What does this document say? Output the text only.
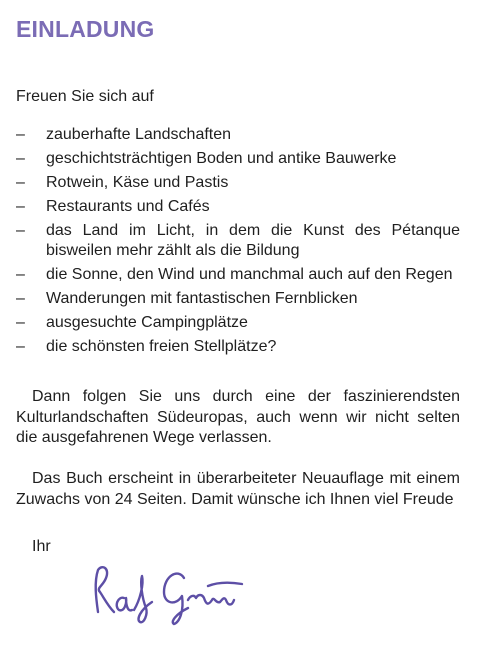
EINLADUNG

Freuen Sie sich auf

– zauberhafte Landschaften
– geschichtsträchtigen Boden und antike Bauwerke
– Rotwein, Käse und Pastis
– Restaurants und Cafés
– das Land im Licht, in dem die Kunst des Pétanque bisweilen mehr zählt als die Bildung
– die Sonne, den Wind und manchmal auch auf den Regen
– Wanderungen mit fantastischen Fernblicken
– ausgesuchte Campingplätze
– die schönsten freien Stellplätze?

Dann folgen Sie uns durch eine der faszinierendsten Kulturlandschaften Südeuropas, auch wenn wir nicht selten die ausgefahrenen Wege verlassen.

Das Buch erscheint in überarbeiteter Neuauflage mit einem Zuwachs von 24 Seiten. Damit wünsche ich Ihnen viel Freude

Ihr
